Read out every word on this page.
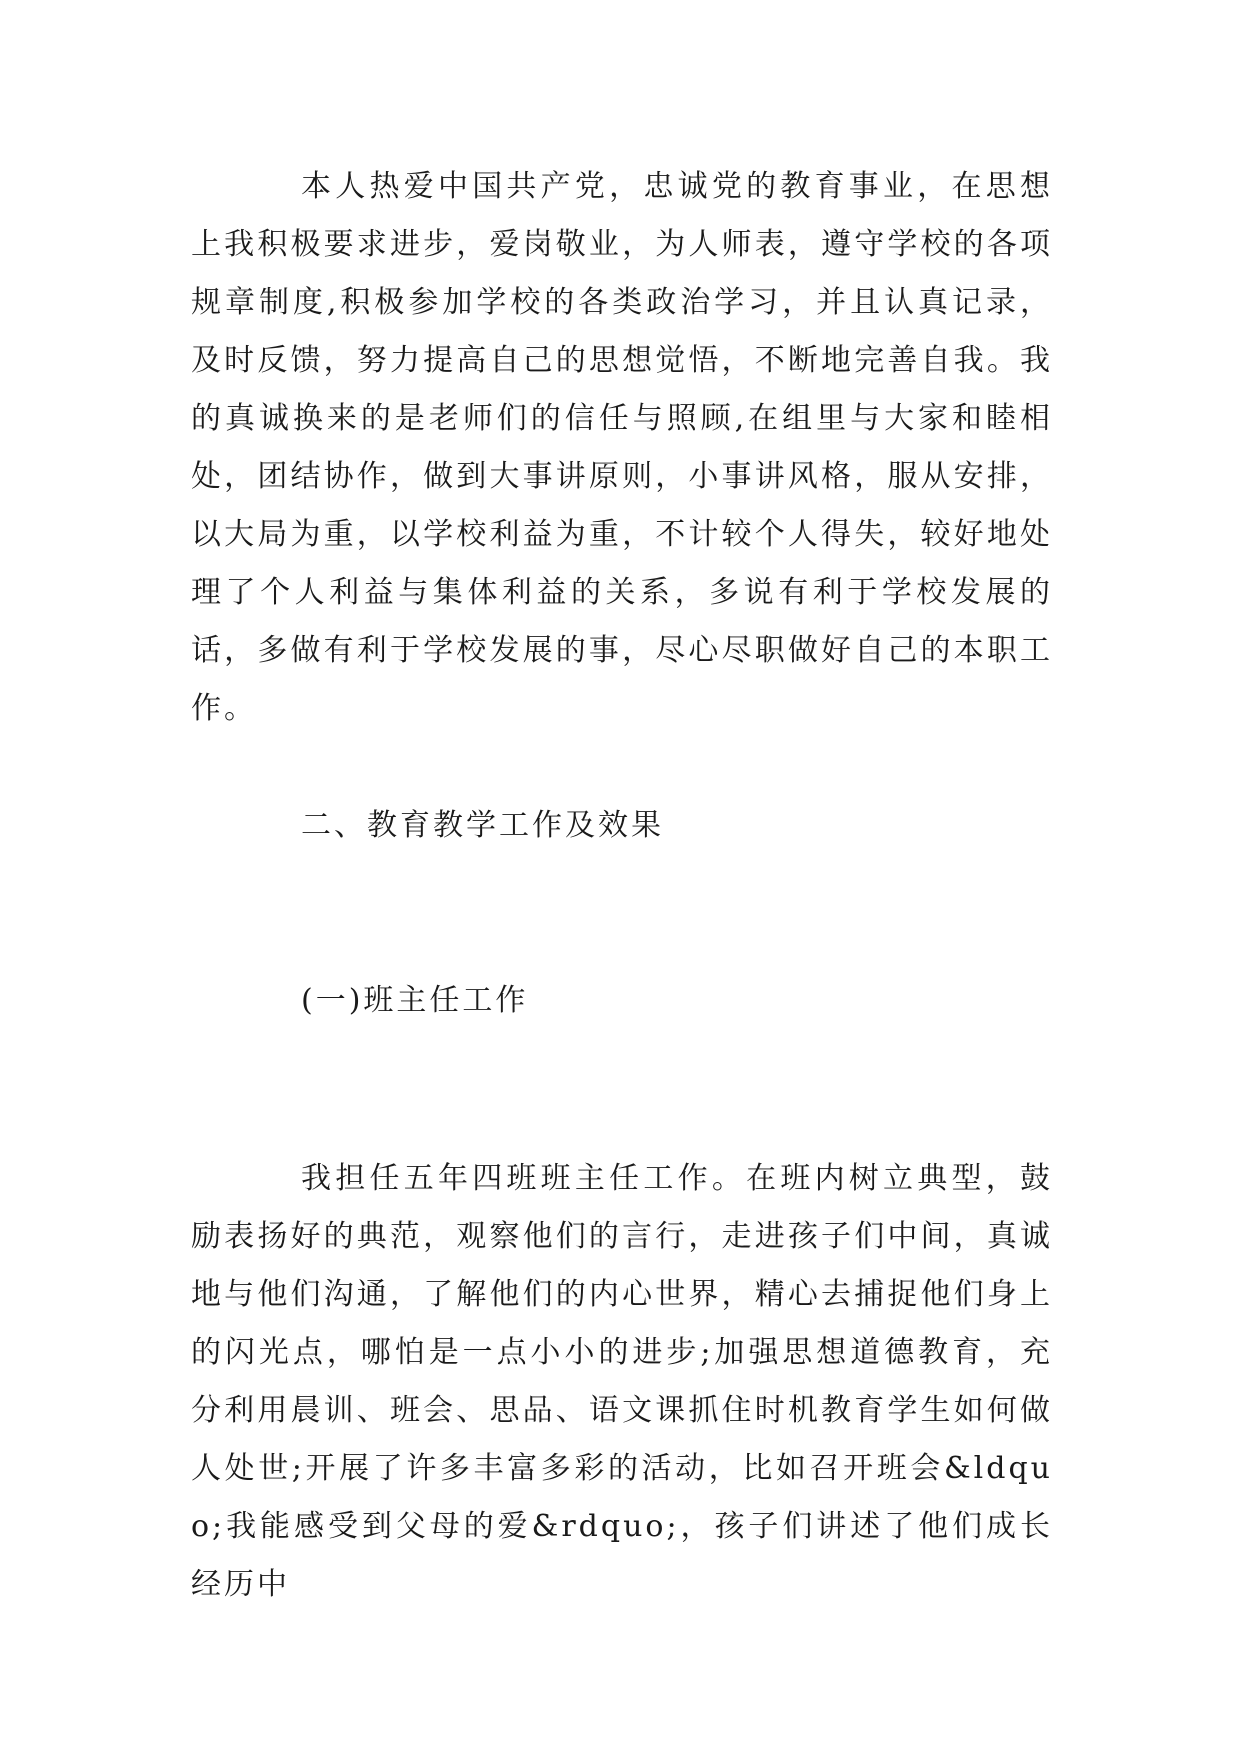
本人热爱中国共产党，忠诚党的教育事业，在思想上我积极要求进步，爱岗敬业，为人师表，遵守学校的各项规章制度,积极参加学校的各类政治学习，并且认真记录，及时反馈，努力提高自己的思想觉悟，不断地完善自我。我的真诚换来的是老师们的信任与照顾,在组里与大家和睦相处，团结协作，做到大事讲原则，小事讲风格，服从安排，以大局为重，以学校利益为重，不计较个人得失，较好地处理了个人利益与集体利益的关系，多说有利于学校发展的话，多做有利于学校发展的事，尽心尽职做好自己的本职工作。

二、教育教学工作及效果
(一)班主任工作

我担任五年四班班主任工作。在班内树立典型，鼓励表扬好的典范，观察他们的言行，走进孩子们中间，真诚地与他们沟通，了解他们的内心世界，精心去捕捉他们身上的闪光点，哪怕是一点小小的进步;加强思想道德教育，充分利用晨训、班会、思品、语文课抓住时机教育学生如何做人处世;开展了许多丰富多彩的活动，比如召开班会&ldquo;我能感受到父母的爱&rdquo;，孩子们讲述了他们成长经历中
